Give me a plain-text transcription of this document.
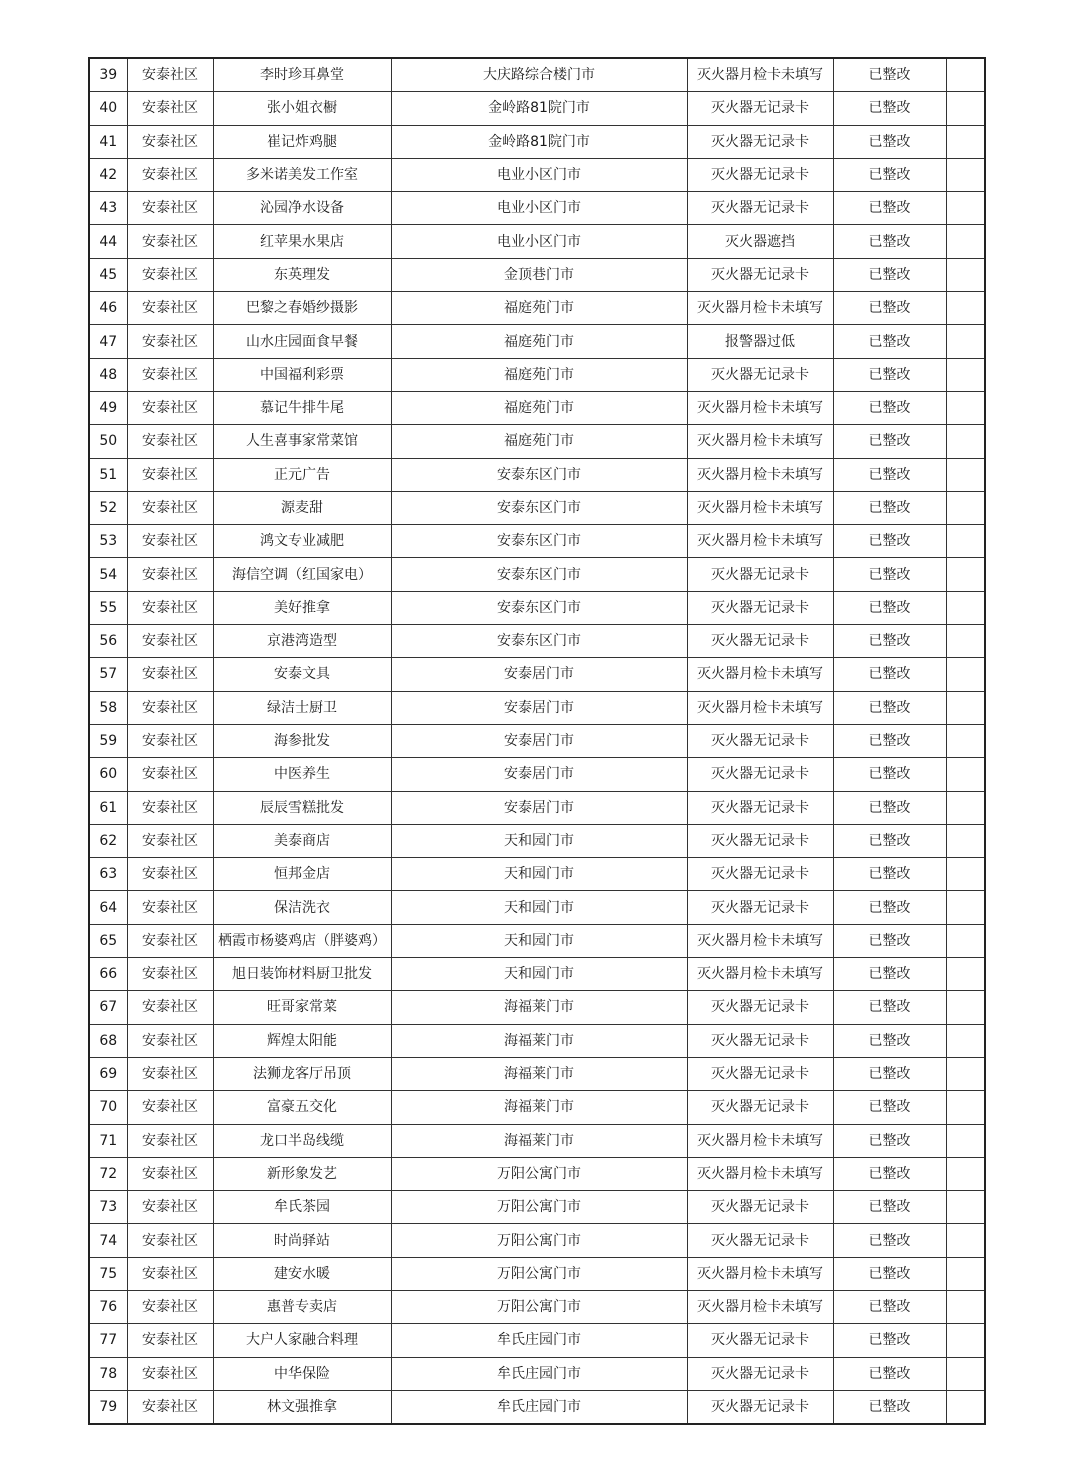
39	安泰社区	李时珍耳鼻堂	大庆路综合楼门市	灭火器月检卡未填写	已整改	
40	安泰社区	张小姐衣橱	金岭路81院门市	灭火器无记录卡	已整改	
41	安泰社区	崔记炸鸡腿	金岭路81院门市	灭火器无记录卡	已整改	
42	安泰社区	多米诺美发工作室	电业小区门市	灭火器无记录卡	已整改	
43	安泰社区	沁园净水设备	电业小区门市	灭火器无记录卡	已整改	
44	安泰社区	红苹果水果店	电业小区门市	灭火器遮挡	已整改	
45	安泰社区	东英理发	金顶巷门市	灭火器无记录卡	已整改	
46	安泰社区	巴黎之春婚纱摄影	福庭苑门市	灭火器月检卡未填写	已整改	
47	安泰社区	山水庄园面食早餐	福庭苑门市	报警器过低	已整改	
48	安泰社区	中国福利彩票	福庭苑门市	灭火器无记录卡	已整改	
49	安泰社区	慕记牛排牛尾	福庭苑门市	灭火器月检卡未填写	已整改	
50	安泰社区	人生喜事家常菜馆	福庭苑门市	灭火器月检卡未填写	已整改	
51	安泰社区	正元广告	安泰东区门市	灭火器月检卡未填写	已整改	
52	安泰社区	源麦甜	安泰东区门市	灭火器月检卡未填写	已整改	
53	安泰社区	鸿文专业减肥	安泰东区门市	灭火器月检卡未填写	已整改	
54	安泰社区	海信空调（红国家电）	安泰东区门市	灭火器无记录卡	已整改	
55	安泰社区	美好推拿	安泰东区门市	灭火器无记录卡	已整改	
56	安泰社区	京港湾造型	安泰东区门市	灭火器无记录卡	已整改	
57	安泰社区	安泰文具	安泰居门市	灭火器月检卡未填写	已整改	
58	安泰社区	绿洁士厨卫	安泰居门市	灭火器月检卡未填写	已整改	
59	安泰社区	海参批发	安泰居门市	灭火器无记录卡	已整改	
60	安泰社区	中医养生	安泰居门市	灭火器无记录卡	已整改	
61	安泰社区	辰辰雪糕批发	安泰居门市	灭火器无记录卡	已整改	
62	安泰社区	美泰商店	天和园门市	灭火器无记录卡	已整改	
63	安泰社区	恒邦金店	天和园门市	灭火器无记录卡	已整改	
64	安泰社区	保洁洗衣	天和园门市	灭火器无记录卡	已整改	
65	安泰社区	栖霞市杨婆鸡店（胖婆鸡）	天和园门市	灭火器月检卡未填写	已整改	
66	安泰社区	旭日装饰材料厨卫批发	天和园门市	灭火器月检卡未填写	已整改	
67	安泰社区	旺哥家常菜	海福莱门市	灭火器无记录卡	已整改	
68	安泰社区	辉煌太阳能	海福莱门市	灭火器无记录卡	已整改	
69	安泰社区	法狮龙客厅吊顶	海福莱门市	灭火器无记录卡	已整改	
70	安泰社区	富豪五交化	海福莱门市	灭火器无记录卡	已整改	
71	安泰社区	龙口半岛线缆	海福莱门市	灭火器月检卡未填写	已整改	
72	安泰社区	新形象发艺	万阳公寓门市	灭火器月检卡未填写	已整改	
73	安泰社区	牟氏茶园	万阳公寓门市	灭火器无记录卡	已整改	
74	安泰社区	时尚驿站	万阳公寓门市	灭火器无记录卡	已整改	
75	安泰社区	建安水暖	万阳公寓门市	灭火器月检卡未填写	已整改	
76	安泰社区	惠普专卖店	万阳公寓门市	灭火器月检卡未填写	已整改	
77	安泰社区	大户人家融合料理	牟氏庄园门市	灭火器无记录卡	已整改	
78	安泰社区	中华保险	牟氏庄园门市	灭火器无记录卡	已整改	
79	安泰社区	林文强推拿	牟氏庄园门市	灭火器无记录卡	已整改	
